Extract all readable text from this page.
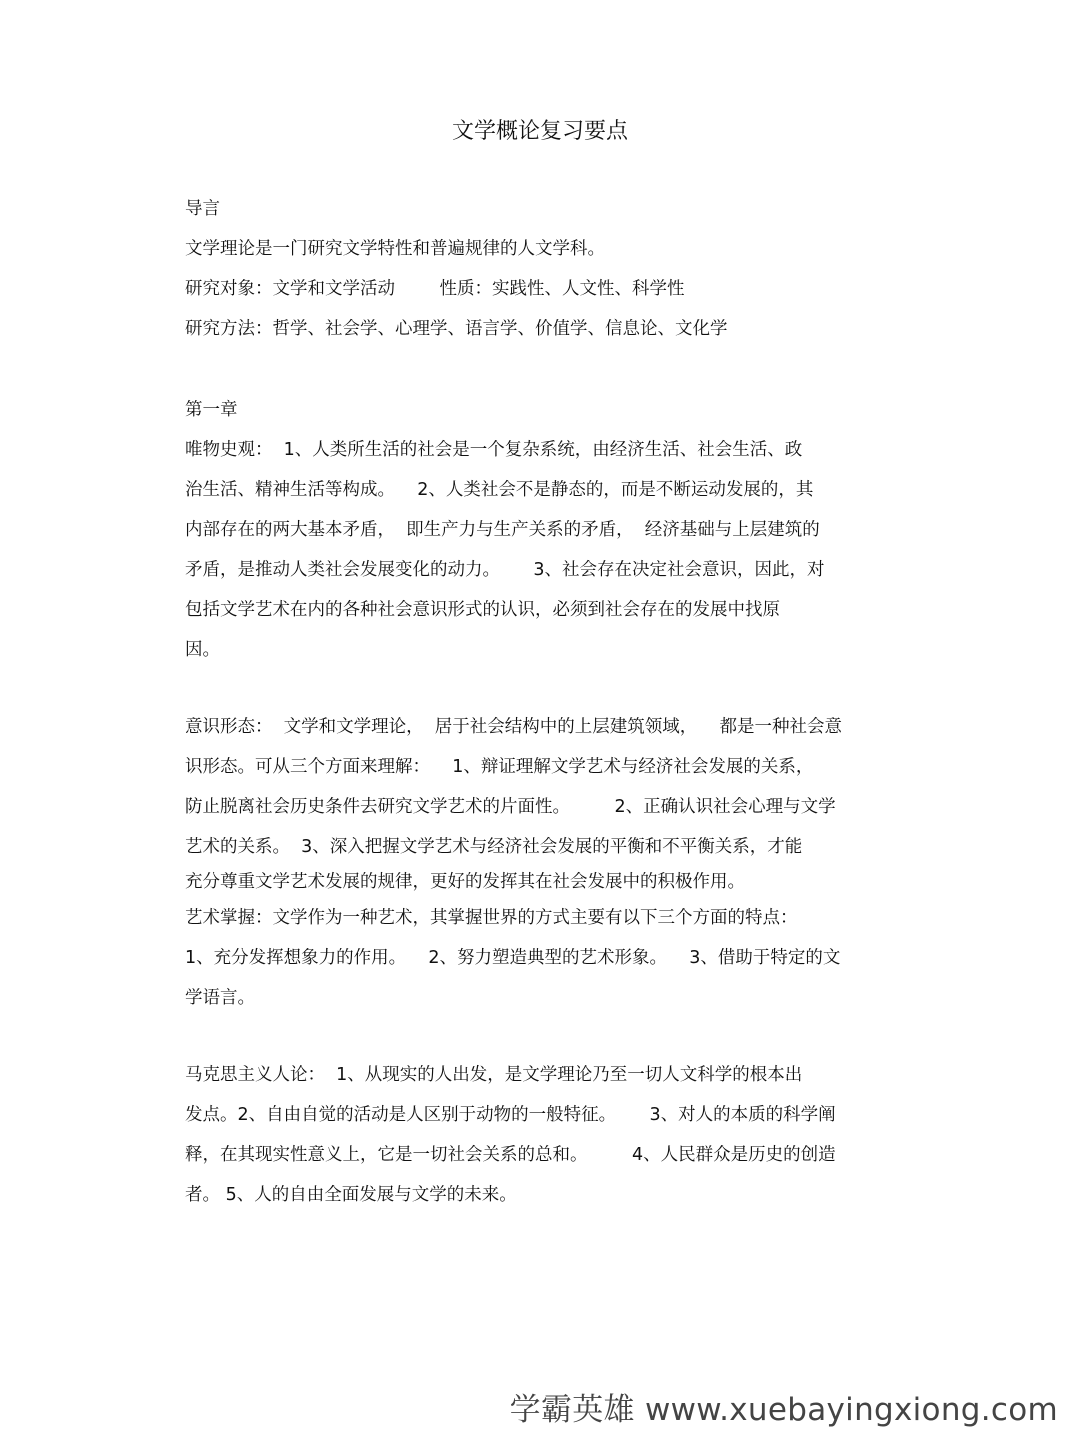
文学概论复习要点
导言
文学理论是一门研究文学特性和普遍规律的人文学科。
研究对象：文学和文学活动        性质：实践性、人文性、科学性
研究方法：哲学、社会学、心理学、语言学、价值学、信息论、文化学
第一章
唯物史观：  1、人类所生活的社会是一个复杂系统，由经济生活、社会生活、政
治生活、精神生活等构成。    2、人类社会不是静态的，而是不断运动发展的，其
内部存在的两大基本矛盾，  即生产力与生产关系的矛盾，  经济基础与上层建筑的
矛盾，是推动人类社会发展变化的动力。      3、社会存在决定社会意识，因此，对
包括文学艺术在内的各种社会意识形式的认识，必须到社会存在的发展中找原
因。
意识形态：  文学和文学理论，  居于社会结构中的上层建筑领域，    都是一种社会意
识形态。可从三个方面来理解：    1、辩证理解文学艺术与经济社会发展的关系，
防止脱离社会历史条件去研究文学艺术的片面性。        2、正确认识社会心理与文学
艺术的关系。  3、深入把握文学艺术与经济社会发展的平衡和不平衡关系，才能
充分尊重文学艺术发展的规律，更好的发挥其在社会发展中的积极作用。
艺术掌握：文学作为一种艺术，其掌握世界的方式主要有以下三个方面的特点：
1、充分发挥想象力的作用。    2、努力塑造典型的艺术形象。    3、借助于特定的文
学语言。
马克思主义人论：  1、从现实的人出发，是文学理论乃至一切人文科学的根本出
发点。2、自由自觉的活动是人区别于动物的一般特征。      3、对人的本质的科学阐
释，在其现实性意义上，它是一切社会关系的总和。        4、人民群众是历史的创造
者。 5、人的自由全面发展与文学的未来。
学霸英雄 www.xuebayingxiong.com
